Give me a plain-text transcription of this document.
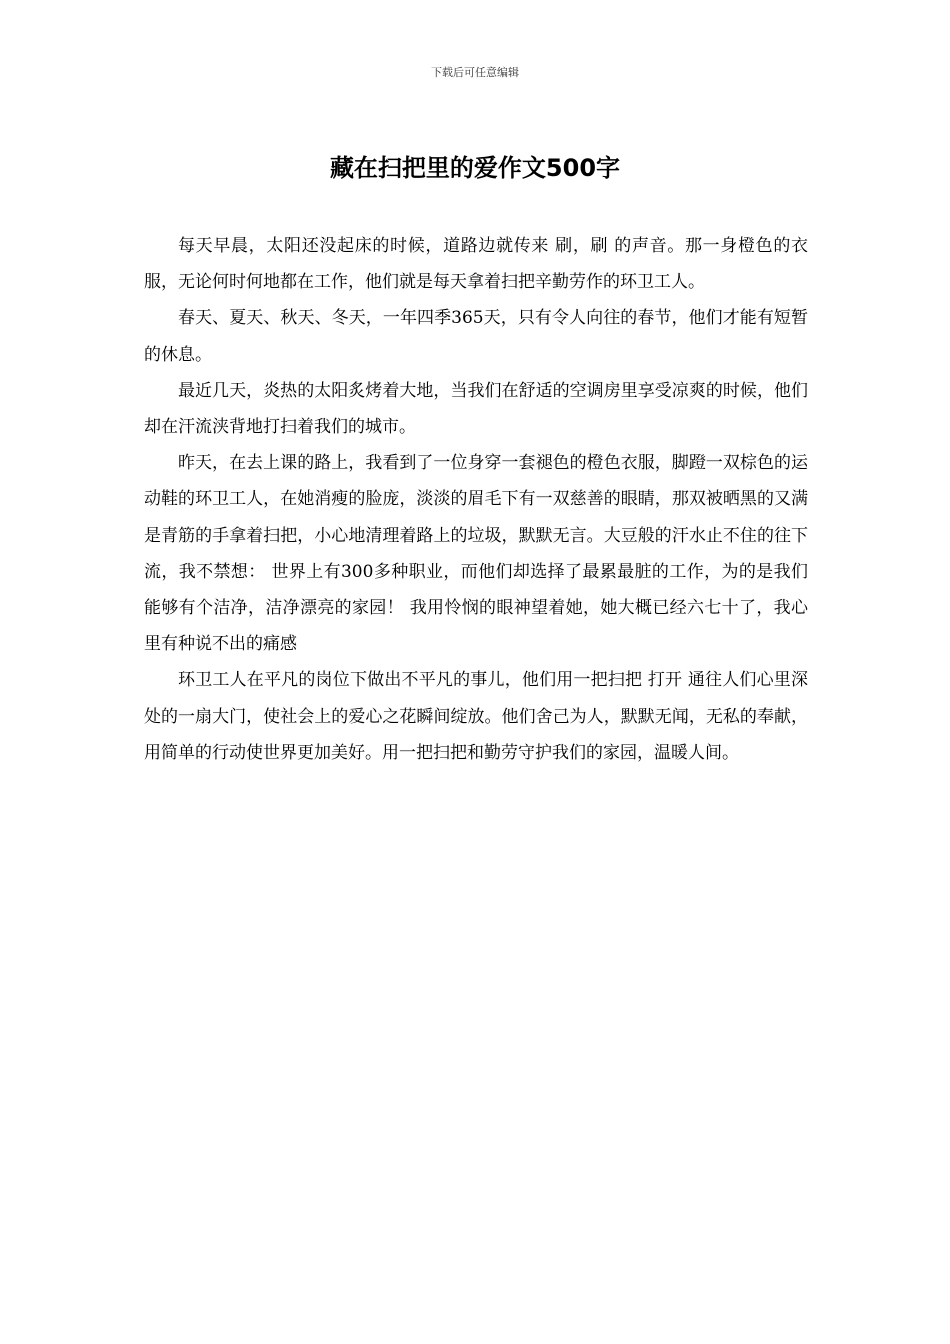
下载后可任意编辑
藏在扫把里的爱作文500字

每天早晨，太阳还没起床的时候，道路边就传来 刷，刷 的声音。那一身橙色的衣服，无论何时何地都在工作，他们就是每天拿着扫把辛勤劳作的环卫工人。

春天、夏天、秋天、冬天，一年四季365天，只有令人向往的春节，他们才能有短暂的休息。

最近几天，炎热的太阳炙烤着大地，当我们在舒适的空调房里享受凉爽的时候，他们却在汗流浃背地打扫着我们的城市。

昨天，在去上课的路上，我看到了一位身穿一套褪色的橙色衣服，脚蹬一双棕色的运动鞋的环卫工人，在她消瘦的脸庞，淡淡的眉毛下有一双慈善的眼睛，那双被晒黑的又满是青筋的手拿着扫把，小心地清理着路上的垃圾，默默无言。大豆般的汗水止不住的往下流，我不禁想： 世界上有300多种职业，而他们却选择了最累最脏的工作，为的是我们能够有个洁净，洁净漂亮的家园！ 我用怜悯的眼神望着她，她大概已经六七十了，我心里有种说不出的痛感

环卫工人在平凡的岗位下做出不平凡的事儿，他们用一把扫把 打开 通往人们心里深处的一扇大门，使社会上的爱心之花瞬间绽放。他们舍己为人，默默无闻，无私的奉献，用简单的行动使世界更加美好。用一把扫把和勤劳守护我们的家园，温暖人间。
